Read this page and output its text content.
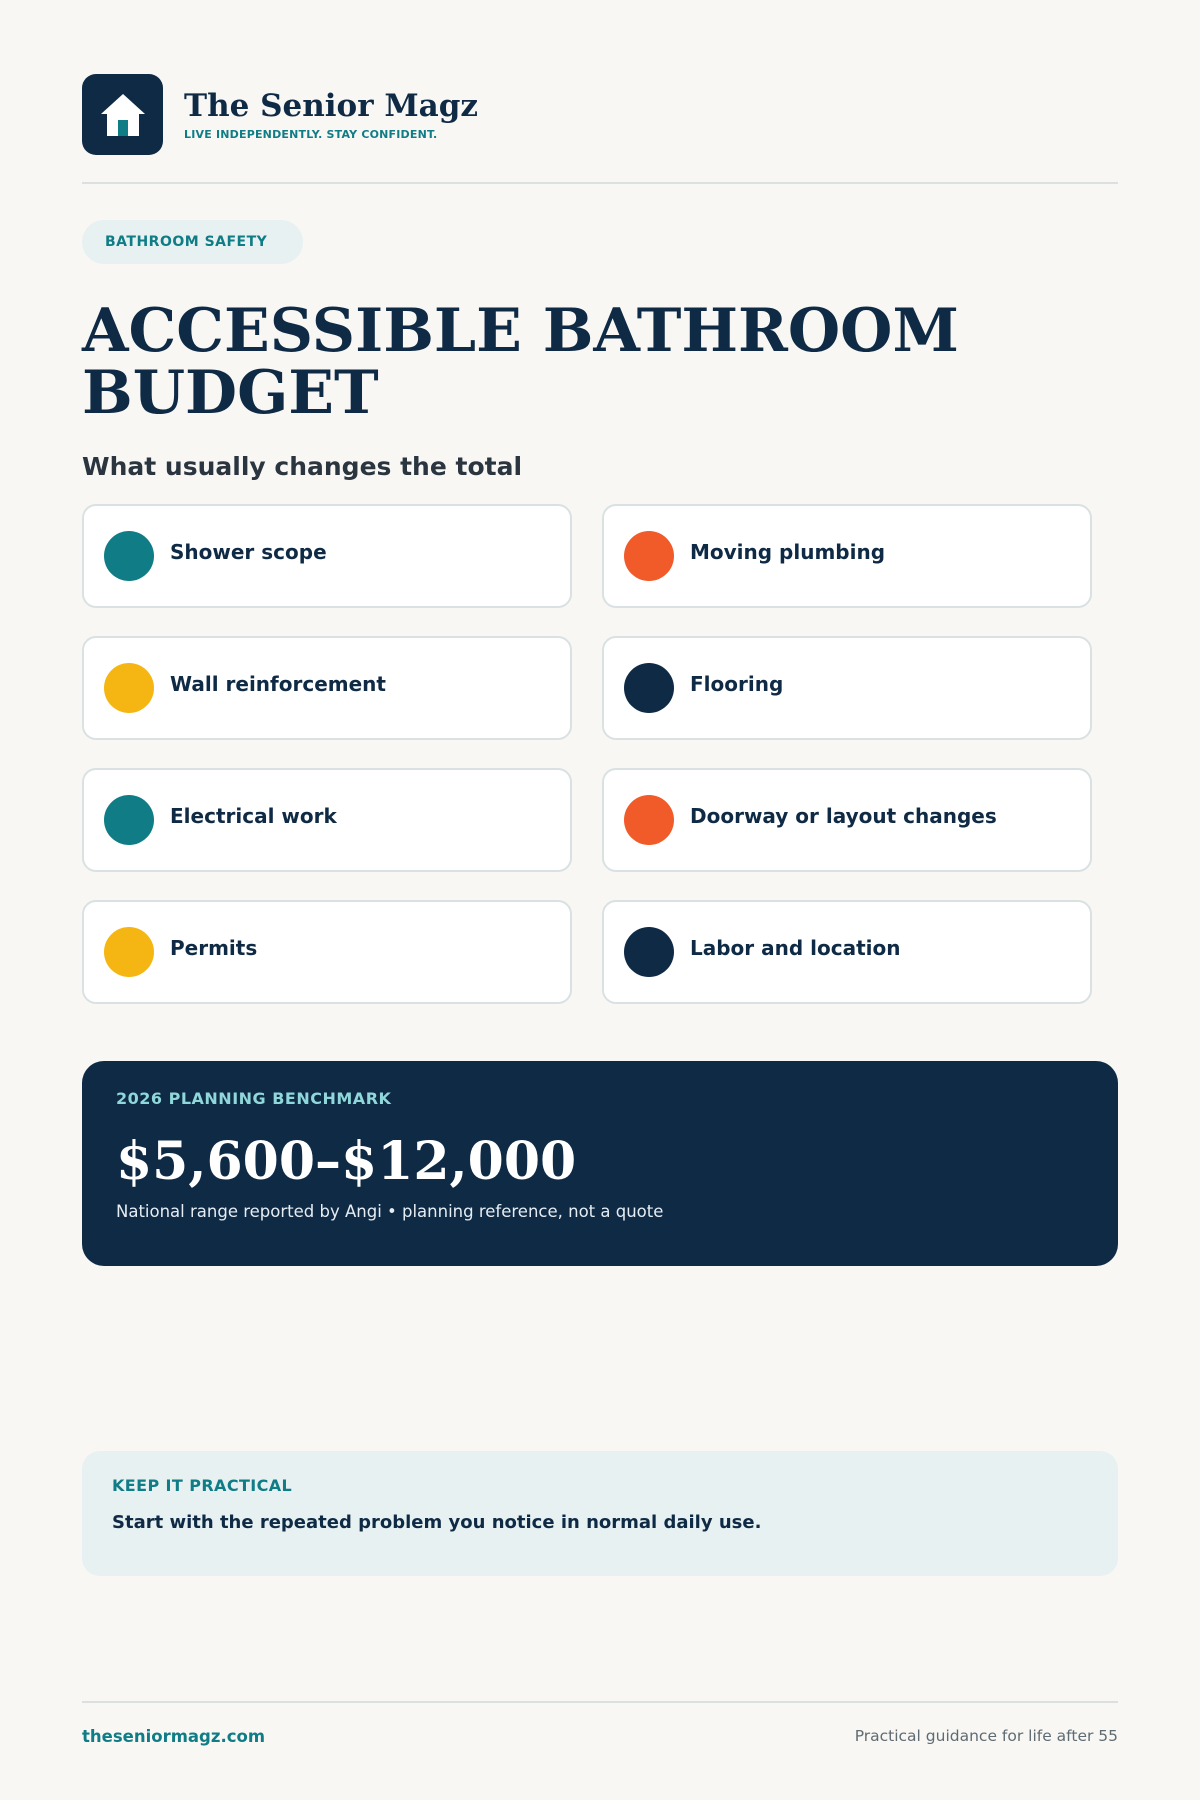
The Senior Magz
LIVE INDEPENDENTLY. STAY CONFIDENT.
BATHROOM SAFETY
ACCESSIBLE BATHROOM BUDGET
What usually changes the total
Shower scope	Moving plumbing
Wall reinforcement	Flooring
Electrical work	Doorway or layout changes
Permits	Labor and location
2026 PLANNING BENCHMARK
$5,600–$12,000
National range reported by Angi • planning reference, not a quote
KEEP IT PRACTICAL
Start with the repeated problem you notice in normal daily use.
theseniormagz.com	Practical guidance for life after 55
